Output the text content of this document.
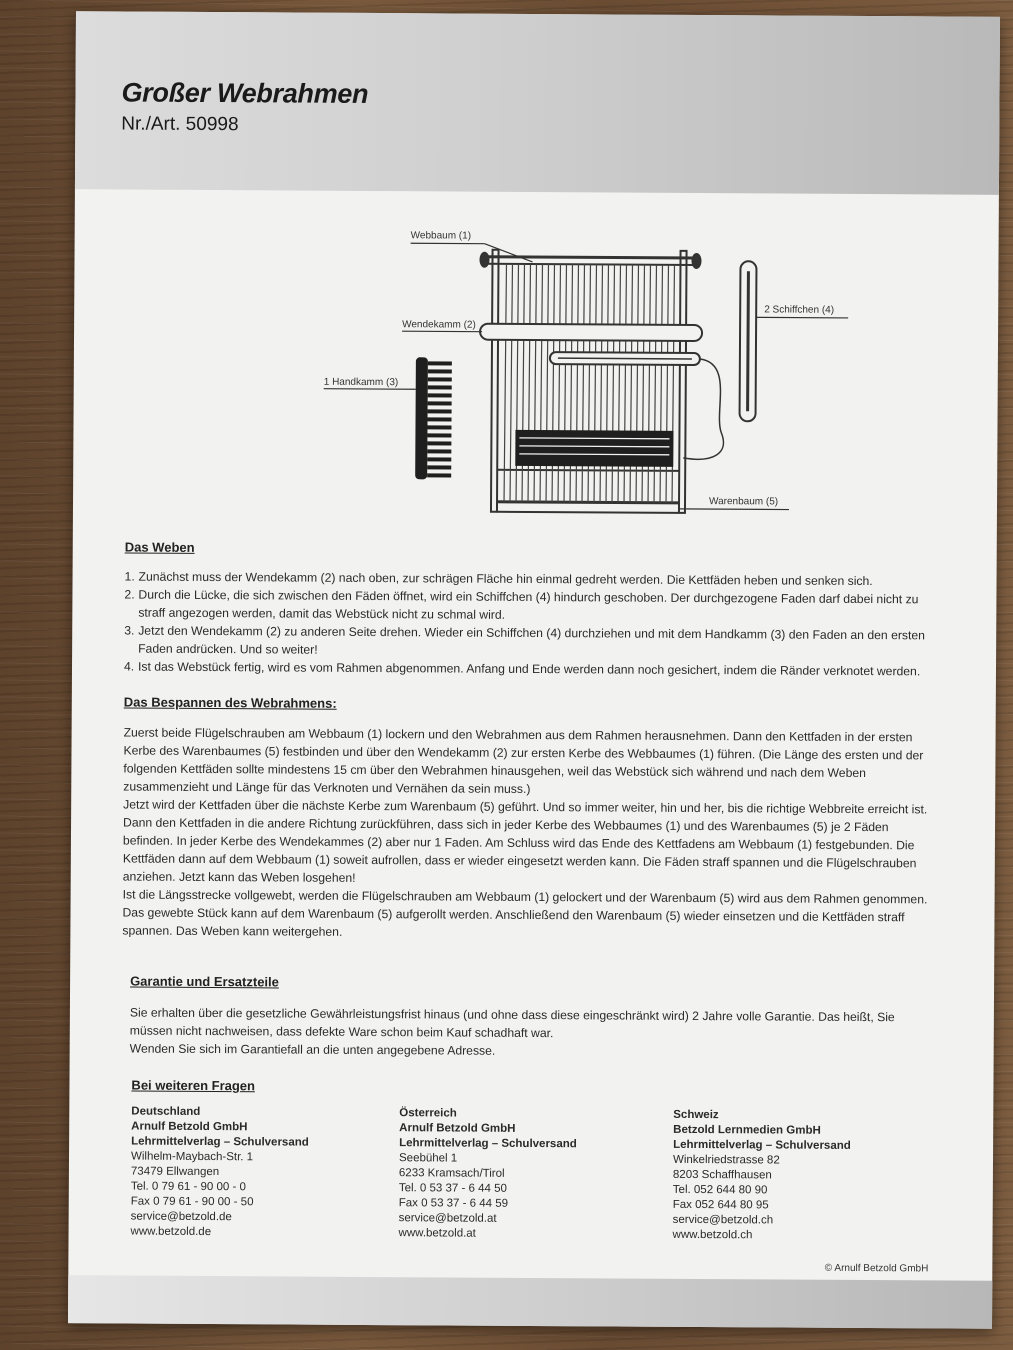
Großer Webrahmen
Nr./Art. 50998
Webbaum (1)
Wendekamm (2)
1 Handkamm (3)
2 Schiffchen (4)
Warenbaum (5)
Das Weben
1. Zunächst muss der Wendekamm (2) nach oben, zur schrägen Fläche hin einmal gedreht werden. Die Kettfäden heben und senken sich.
2. Durch die Lücke, die sich zwischen den Fäden öffnet, wird ein Schiffchen (4) hindurch geschoben. Der durchgezogene Faden darf dabei nicht zu straff angezogen werden, damit das Webstück nicht zu schmal wird.
3. Jetzt den Wendekamm (2) zu anderen Seite drehen. Wieder ein Schiffchen (4) durchziehen und mit dem Handkamm (3) den Faden an den ersten Faden andrücken. Und so weiter!
4. Ist das Webstück fertig, wird es vom Rahmen abgenommen. Anfang und Ende werden dann noch gesichert, indem die Ränder verknotet werden.
Das Bespannen des Webrahmens:
Zuerst beide Flügelschrauben am Webbaum (1) lockern und den Webrahmen aus dem Rahmen herausnehmen. Dann den Kettfaden in der ersten Kerbe des Warenbaumes (5) festbinden und über den Wendekamm (2) zur ersten Kerbe des Webbaumes (1) führen. (Die Länge des ersten und der folgenden Kettfäden sollte mindestens 15 cm über den Webrahmen hinausgehen, weil das Webstück sich während und nach dem Weben zusammenzieht und Länge für das Verknoten und Vernähen da sein muss.)
Jetzt wird der Kettfaden über die nächste Kerbe zum Warenbaum (5) geführt. Und so immer weiter, hin und her, bis die richtige Webbreite erreicht ist. Dann den Kettfaden in die andere Richtung zurückführen, dass sich in jeder Kerbe des Webbaumes (1) und des Warenbaumes (5) je 2 Fäden befinden. In jeder Kerbe des Wendekammes (2) aber nur 1 Faden. Am Schluss wird das Ende des Kettfadens am Webbaum (1) festgebunden. Die Kettfäden dann auf dem Webbaum (1) soweit aufrollen, dass er wieder eingesetzt werden kann. Die Fäden straff spannen und die Flügelschrauben anziehen. Jetzt kann das Weben losgehen!
Ist die Längsstrecke vollgewebt, werden die Flügelschrauben am Webbaum (1) gelockert und der Warenbaum (5) wird aus dem Rahmen genommen. Das gewebte Stück kann auf dem Warenbaum (5) aufgerollt werden. Anschließend den Warenbaum (5) wieder einsetzen und die Kettfäden straff spannen. Das Weben kann weitergehen.
Garantie und Ersatzteile
Sie erhalten über die gesetzliche Gewährleistungsfrist hinaus (und ohne dass diese eingeschränkt wird) 2 Jahre volle Garantie. Das heißt, Sie müssen nicht nachweisen, dass defekte Ware schon beim Kauf schadhaft war.
Wenden Sie sich im Garantiefall an die unten angegebene Adresse.
Bei weiteren Fragen
Deutschland
Arnulf Betzold GmbH
Lehrmittelverlag – Schulversand
Wilhelm-Maybach-Str. 1
73479 Ellwangen
Tel. 0 79 61 - 90 00 - 0
Fax 0 79 61 - 90 00 - 50
service@betzold.de
www.betzold.de
Österreich
Arnulf Betzold GmbH
Lehrmittelverlag – Schulversand
Seebühel 1
6233 Kramsach/Tirol
Tel. 0 53 37 - 6 44 50
Fax 0 53 37 - 6 44 59
service@betzold.at
www.betzold.at
Schweiz
Betzold Lernmedien GmbH
Lehrmittelverlag – Schulversand
Winkelriedstrasse 82
8203 Schaffhausen
Tel. 052 644 80 90
Fax 052 644 80 95
service@betzold.ch
www.betzold.ch
© Arnulf Betzold GmbH
